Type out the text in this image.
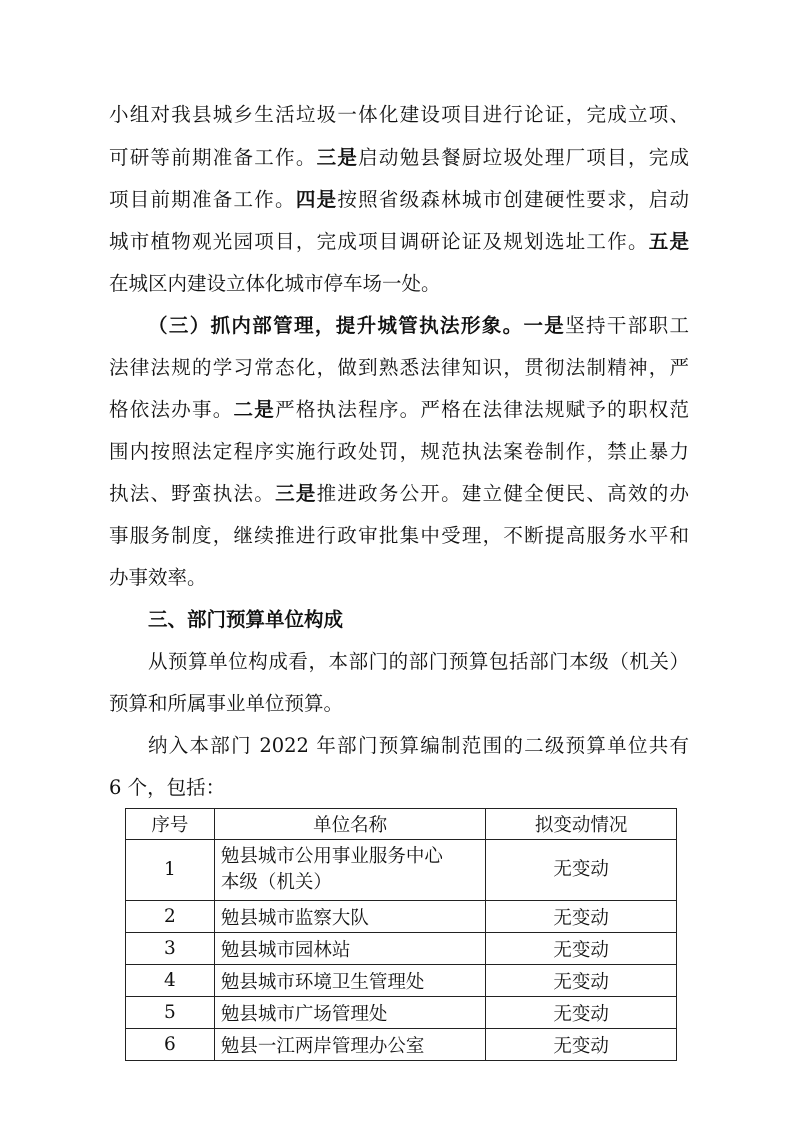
小组对我县城乡生活垃圾一体化建设项目进行论证，完成立项、
可研等前期准备工作。三是启动勉县餐厨垃圾处理厂项目，完成
项目前期准备工作。四是按照省级森林城市创建硬性要求，启动
城市植物观光园项目，完成项目调研论证及规划选址工作。五是
在城区内建设立体化城市停车场一处。
（三）抓内部管理，提升城管执法形象。一是坚持干部职工
法律法规的学习常态化，做到熟悉法律知识，贯彻法制精神，严
格依法办事。二是严格执法程序。严格在法律法规赋予的职权范
围内按照法定程序实施行政处罚，规范执法案卷制作，禁止暴力
执法、野蛮执法。三是推进政务公开。建立健全便民、高效的办
事服务制度，继续推进行政审批集中受理，不断提高服务水平和
办事效率。
三、部门预算单位构成
从预算单位构成看，本部门的部门预算包括部门本级（机关）
预算和所属事业单位预算。
纳入本部门 2022 年部门预算编制范围的二级预算单位共有
6 个，包括：
序号	单位名称	拟变动情况
1	勉县城市公用事业服务中心
本级（机关）	无变动
2	勉县城市监察大队	无变动
3	勉县城市园林站	无变动
4	勉县城市环境卫生管理处	无变动
5	勉县城市广场管理处	无变动
6	勉县一江两岸管理办公室	无变动
